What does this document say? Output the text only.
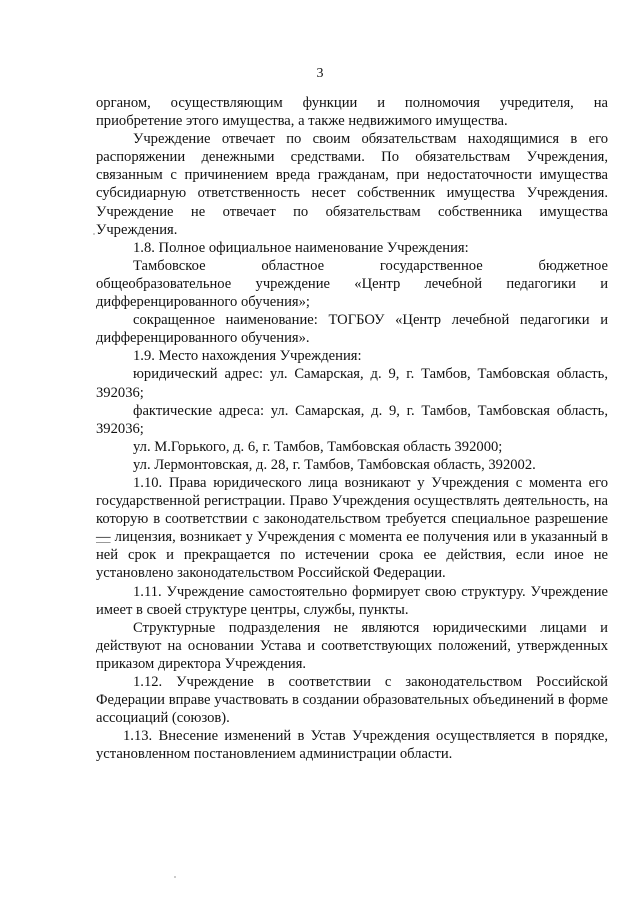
3

органом, осуществляющим функции и полномочия учредителя, на

приобретение этого имущества, а также недвижимого имущества.

Учреждение отвечает по своим обязательствам находящимися в его распоряжении денежными средствами. По обязательствам Учреждения, связанным с причинением вреда гражданам, при недостаточности имущества субсидиарную ответственность несет собственник имущества Учреждения. Учреждение не отвечает по обязательствам собственника имущества Учреждения.

1.8. Полное официальное наименование Учреждения:

Тамбовское областное государственное бюджетное

общеобразовательное учреждение «Центр лечебной педагогики и дифференцированного обучения»;

сокращенное наименование: ТОГБОУ «Центр лечебной педагогики и дифференцированного обучения».

1.9. Место нахождения Учреждения:

юридический адрес: ул. Самарская, д. 9, г. Тамбов, Тамбовская область, 392036;

фактические адреса: ул. Самарская, д. 9, г. Тамбов, Тамбовская область, 392036;

ул. М.Горького, д. 6, г. Тамбов, Тамбовская область 392000;

ул. Лермонтовская, д. 28, г. Тамбов, Тамбовская область, 392002.

1.10. Права юридического лица возникают у Учреждения с момента его государственной регистрации. Право Учреждения осуществлять деятельность, на которую в соответствии с законодательством требуется специальное разрешение — лицензия, возникает у Учреждения с момента ее получения или в указанный в ней срок и прекращается по истечении срока ее действия, если иное не установлено законодательством Российской Федерации.

1.11. Учреждение самостоятельно формирует свою структуру. Учреждение имеет в своей структуре центры, службы, пункты.

Структурные подразделения не являются юридическими лицами и действуют на основании Устава и соответствующих положений, утвержденных приказом директора Учреждения.

1.12. Учреждение в соответствии с законодательством Российской Федерации вправе участвовать в создании образовательных объединений в форме ассоциаций (союзов).

1.13. Внесение изменений в Устав Учреждения осуществляется в порядке, установленном постановлением администрации области.
